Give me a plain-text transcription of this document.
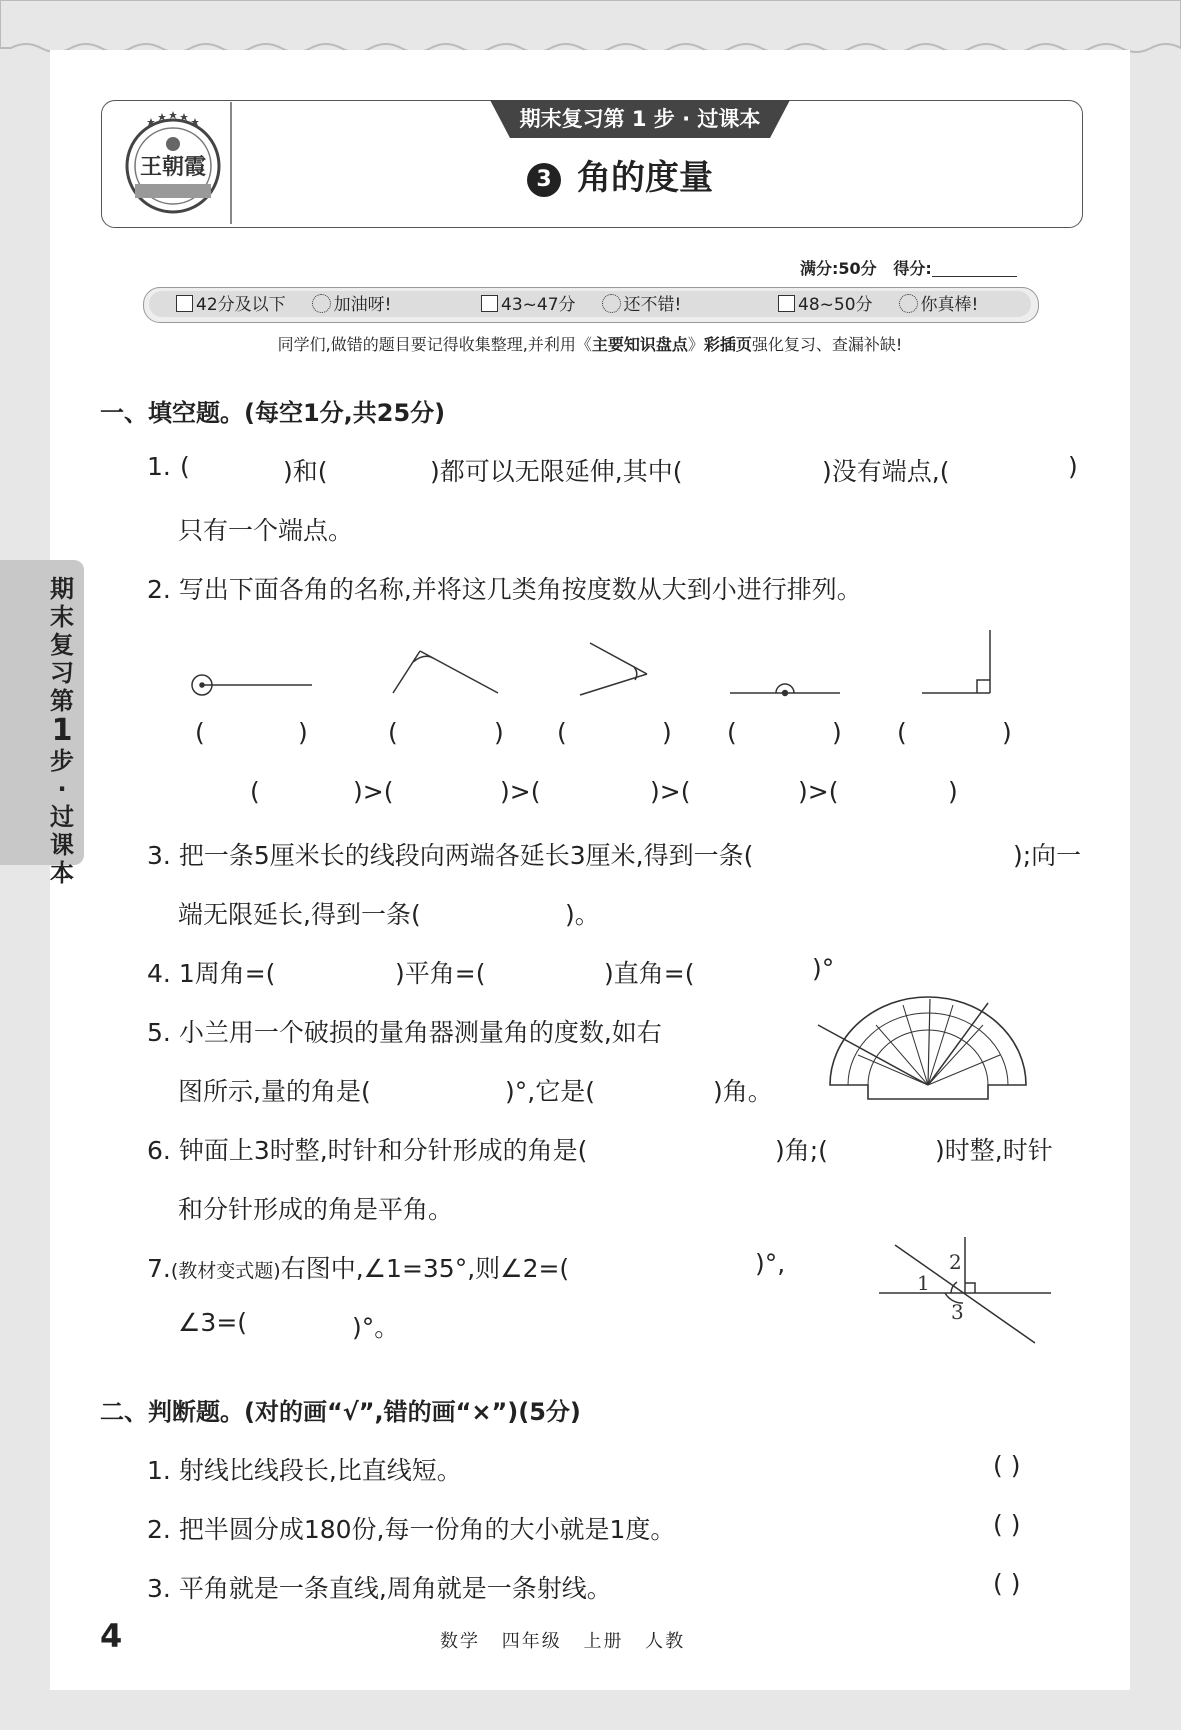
王朝霞
期末复习第 1 步 · 过课本
3 角的度量
满分:50分 得分:
42分及以下	加油呀!	43~47分	还不错!	48~50分	你真棒!
同学们,做错的题目要记得收集整理,并利用《主要知识盘点》彩插页强化复习、查漏补缺!
一、填空题。(每空1分,共25分)
1. (	)和(	)都可以无限延伸,其中(	)没有端点,(	)
只有一个端点。
2. 写出下面各角的名称,并将这几类角按度数从大到小进行排列。
(	)	(	) (	) (	) (	)
(	)>(	)>(	)>(	)>(	)
3. 把一条5厘米长的线段向两端各延长3厘米,得到一条(	);向一
端无限延长,得到一条(	)。
4. 1周角=(	)平角=(	)直角=(	)°
5. 小兰用一个破损的量角器测量角的度数,如右
图所示,量的角是(	)°,它是(	)角。
6. 钟面上3时整,时针和分针形成的角是(	)角;(	)时整,时针
和分针形成的角是平角。
7.(教材变式题)右图中,∠1=35°,则∠2=(	)°,
∠3=(	)°。
1
2
3
二、判断题。(对的画“√”,错的画“×”)(5分)
1. 射线比线段长,比直线短。	( )
2. 把半圆分成180份,每一份角的大小就是1度。	( )
3. 平角就是一条直线,周角就是一条射线。	( )
期
末
复
习
第
1
步
·
过
课
本
4	数学 四年级 上册 人教
